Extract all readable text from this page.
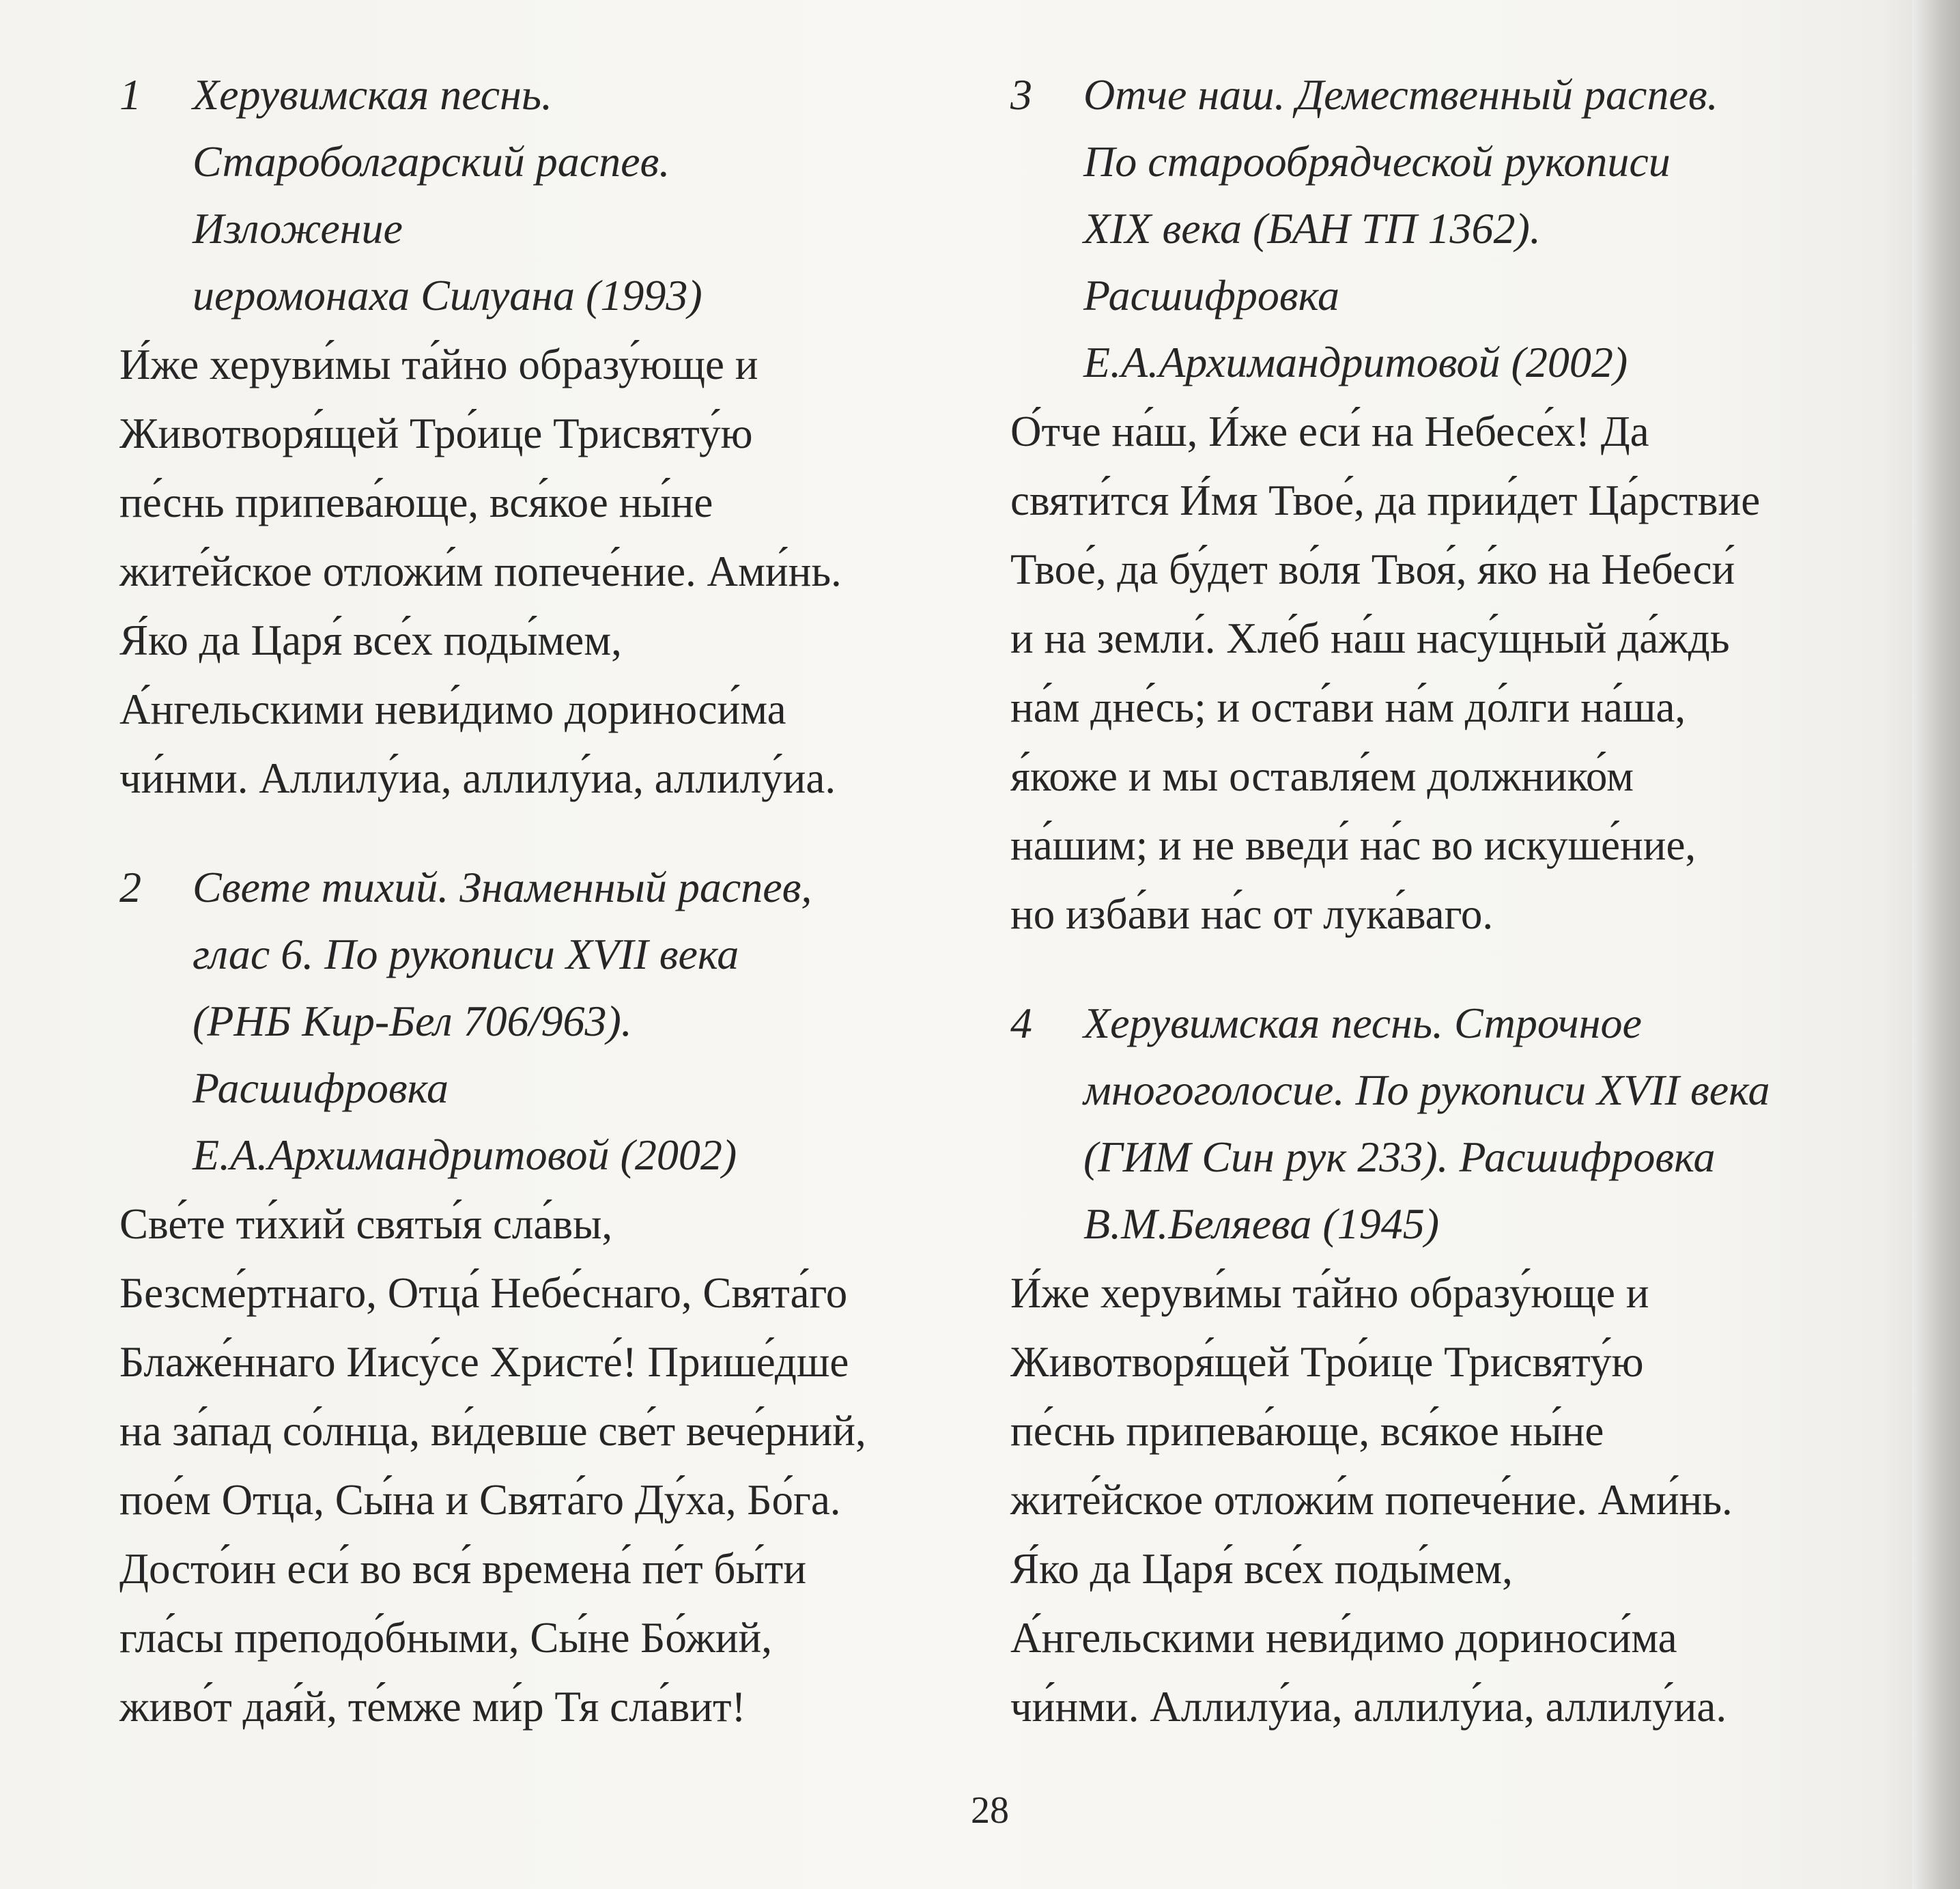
1	Херувимская песнь.
Староболгарский распев.
Изложение
иеромонаха Силуана (1993)
И́же херуви́мы та́йно образу́юще и
Животворя́щей Тро́ице Трисвяту́ю
пе́снь припева́юще, вся́кое ны́не
жите́йское отложи́м попече́ние. Ами́нь.
Я́ко да Царя́ все́х поды́мем,
А́нгельскими неви́димо дориноси́ма
чи́нми. Аллилу́иа, аллилу́иа, аллилу́иа.
2	Свете тихий. Знаменный распев,
глас 6. По рукописи XVII века
(РНБ Кир-Бел 706/963).
Расшифровка
Е.А.Архимандритовой (2002)
Све́те ти́хий святы́я сла́вы,
Безсме́ртнаго, Отца́ Небе́снаго, Свята́го
Блаже́ннаго Иису́се Христе́! Прише́дше
на за́пад со́лнца, ви́девше све́т вече́рний,
пое́м Отца, Сы́на и Свята́го Ду́ха, Бо́га.
Досто́ин еси́ во вся́ времена́ пе́т бы́ти
гла́сы преподо́бными, Сы́не Бо́жий,
живо́т дая́й, те́мже ми́р Тя сла́вит!
3	Отче наш. Демественный распев.
По старообрядческой рукописи
XIX века (БАН ТП 1362).
Расшифровка
Е.А.Архимандритовой (2002)
О́тче на́ш, И́же еси́ на Небесе́х! Да
святи́тся И́мя Твое́, да прии́дет Ца́рствие
Твое́, да бу́дет во́ля Твоя́, я́ко на Небеси́
и на земли́. Хле́б на́ш насу́щный да́ждь
на́м дне́сь; и оста́ви на́м до́лги на́ша,
я́коже и мы оставля́ем должнико́м
на́шим; и не введи́ на́с во искуше́ние,
но изба́ви на́с от лука́ваго.
4	Херувимская песнь. Строчное
многоголосие. По рукописи XVII века
(ГИМ Син рук 233). Расшифровка
В.М.Беляева (1945)
И́же херуви́мы та́йно образу́юще и
Животворя́щей Тро́ице Трисвяту́ю
пе́снь припева́юще, вся́кое ны́не
жите́йское отложи́м попече́ние. Ами́нь.
Я́ко да Царя́ все́х поды́мем,
А́нгельскими неви́димо дориноси́ма
чи́нми. Аллилу́иа, аллилу́иа, аллилу́иа.
28
